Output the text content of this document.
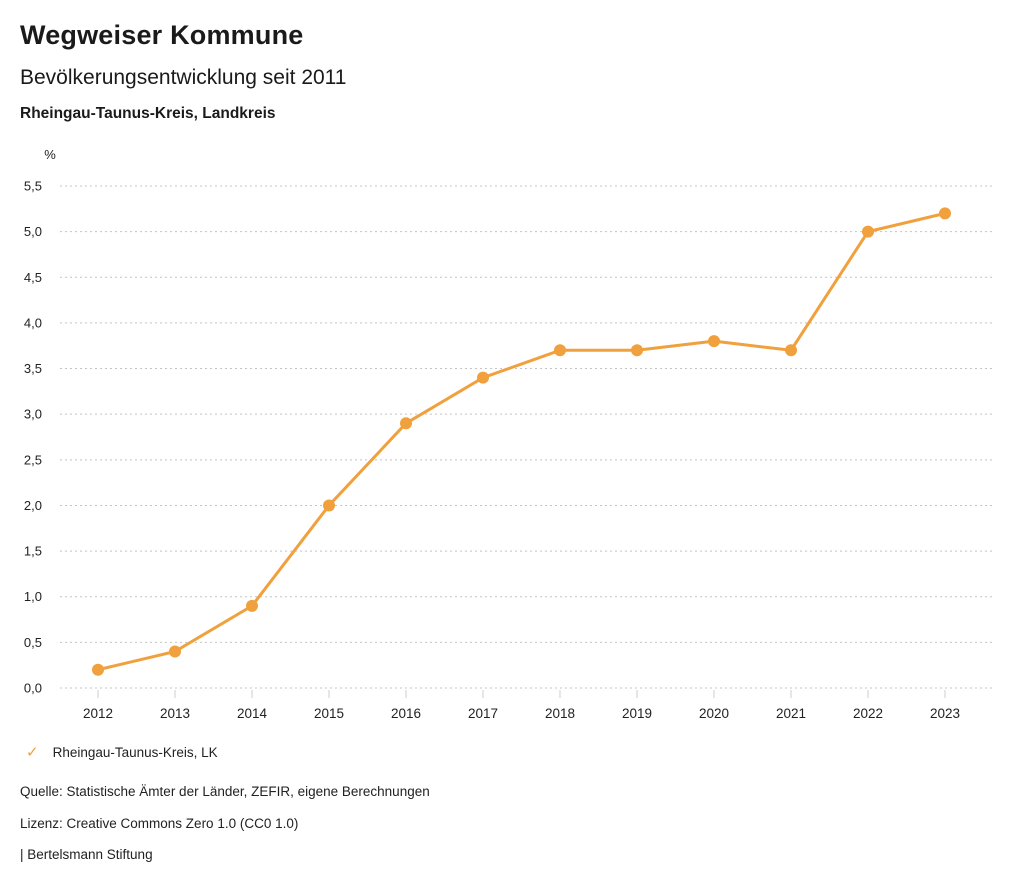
Wegweiser Kommune
Bevölkerungsentwicklung seit 2011
Rheingau-Taunus-Kreis, Landkreis
%
0,0
0,5
1,0
1,5
2,0
2,5
3,0
3,5
4,0
4,5
5,0
5,5
2012	2013	2014	2015	2016	2017	2018	2019	2020	2021	2022	2023
✓ Rheingau-Taunus-Kreis, LK

Quelle: Statistische Ämter der Länder, ZEFIR, eigene Berechnungen

Lizenz: Creative Commons Zero 1.0 (CC0 1.0)

| Bertelsmann Stiftung
